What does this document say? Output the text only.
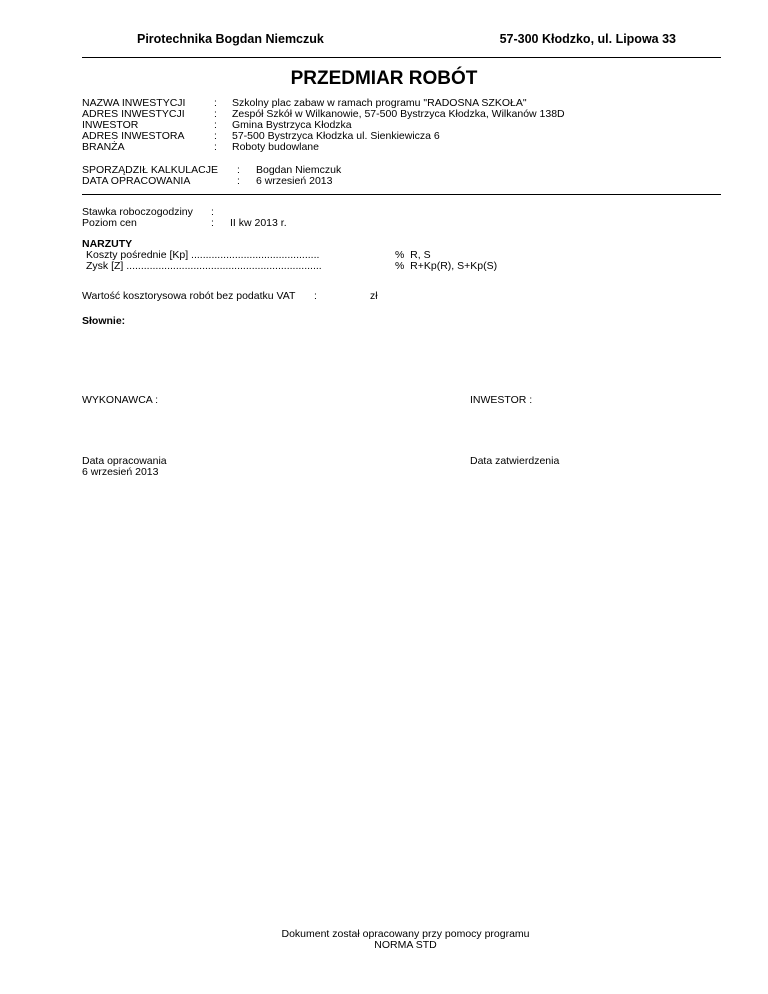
Pirotechnika Bogdan Niemczuk	57-300 Kłodzko, ul. Lipowa 33
PRZEDMIAR ROBÓT
NAZWA INWESTYCJI	: Szkolny plac zabaw w ramach programu "RADOSNA SZKOŁA"
ADRES INWESTYCJI	: Zespół Szkół w Wilkanowie, 57-500 Bystrzyca Kłodzka, Wilkanów 138D
INWESTOR	: Gmina Bystrzyca Kłodzka
ADRES INWESTORA	: 57-500 Bystrzyca Kłodzka ul. Sienkiewicza 6
BRANŻA	: Roboty budowlane
SPORZĄDZIŁ KALKULACJE : Bogdan Niemczuk
DATA OPRACOWANIA	: 6 wrzesień 2013
Stawka roboczogodziny :
Poziom cen	: II kw 2013 r.
NARZUTY
Koszty pośrednie [Kp] ............................................	%  R, S
Zysk [Z] ...................................................................	%  R+Kp(R), S+Kp(S)
Wartość kosztorysowa robót bez podatku VAT :	zł
Słownie:
WYKONAWCA :	INWESTOR :
Data opracowania
6 wrzesień 2013
Data zatwierdzenia
Dokument został opracowany przy pomocy programu
NORMA STD
